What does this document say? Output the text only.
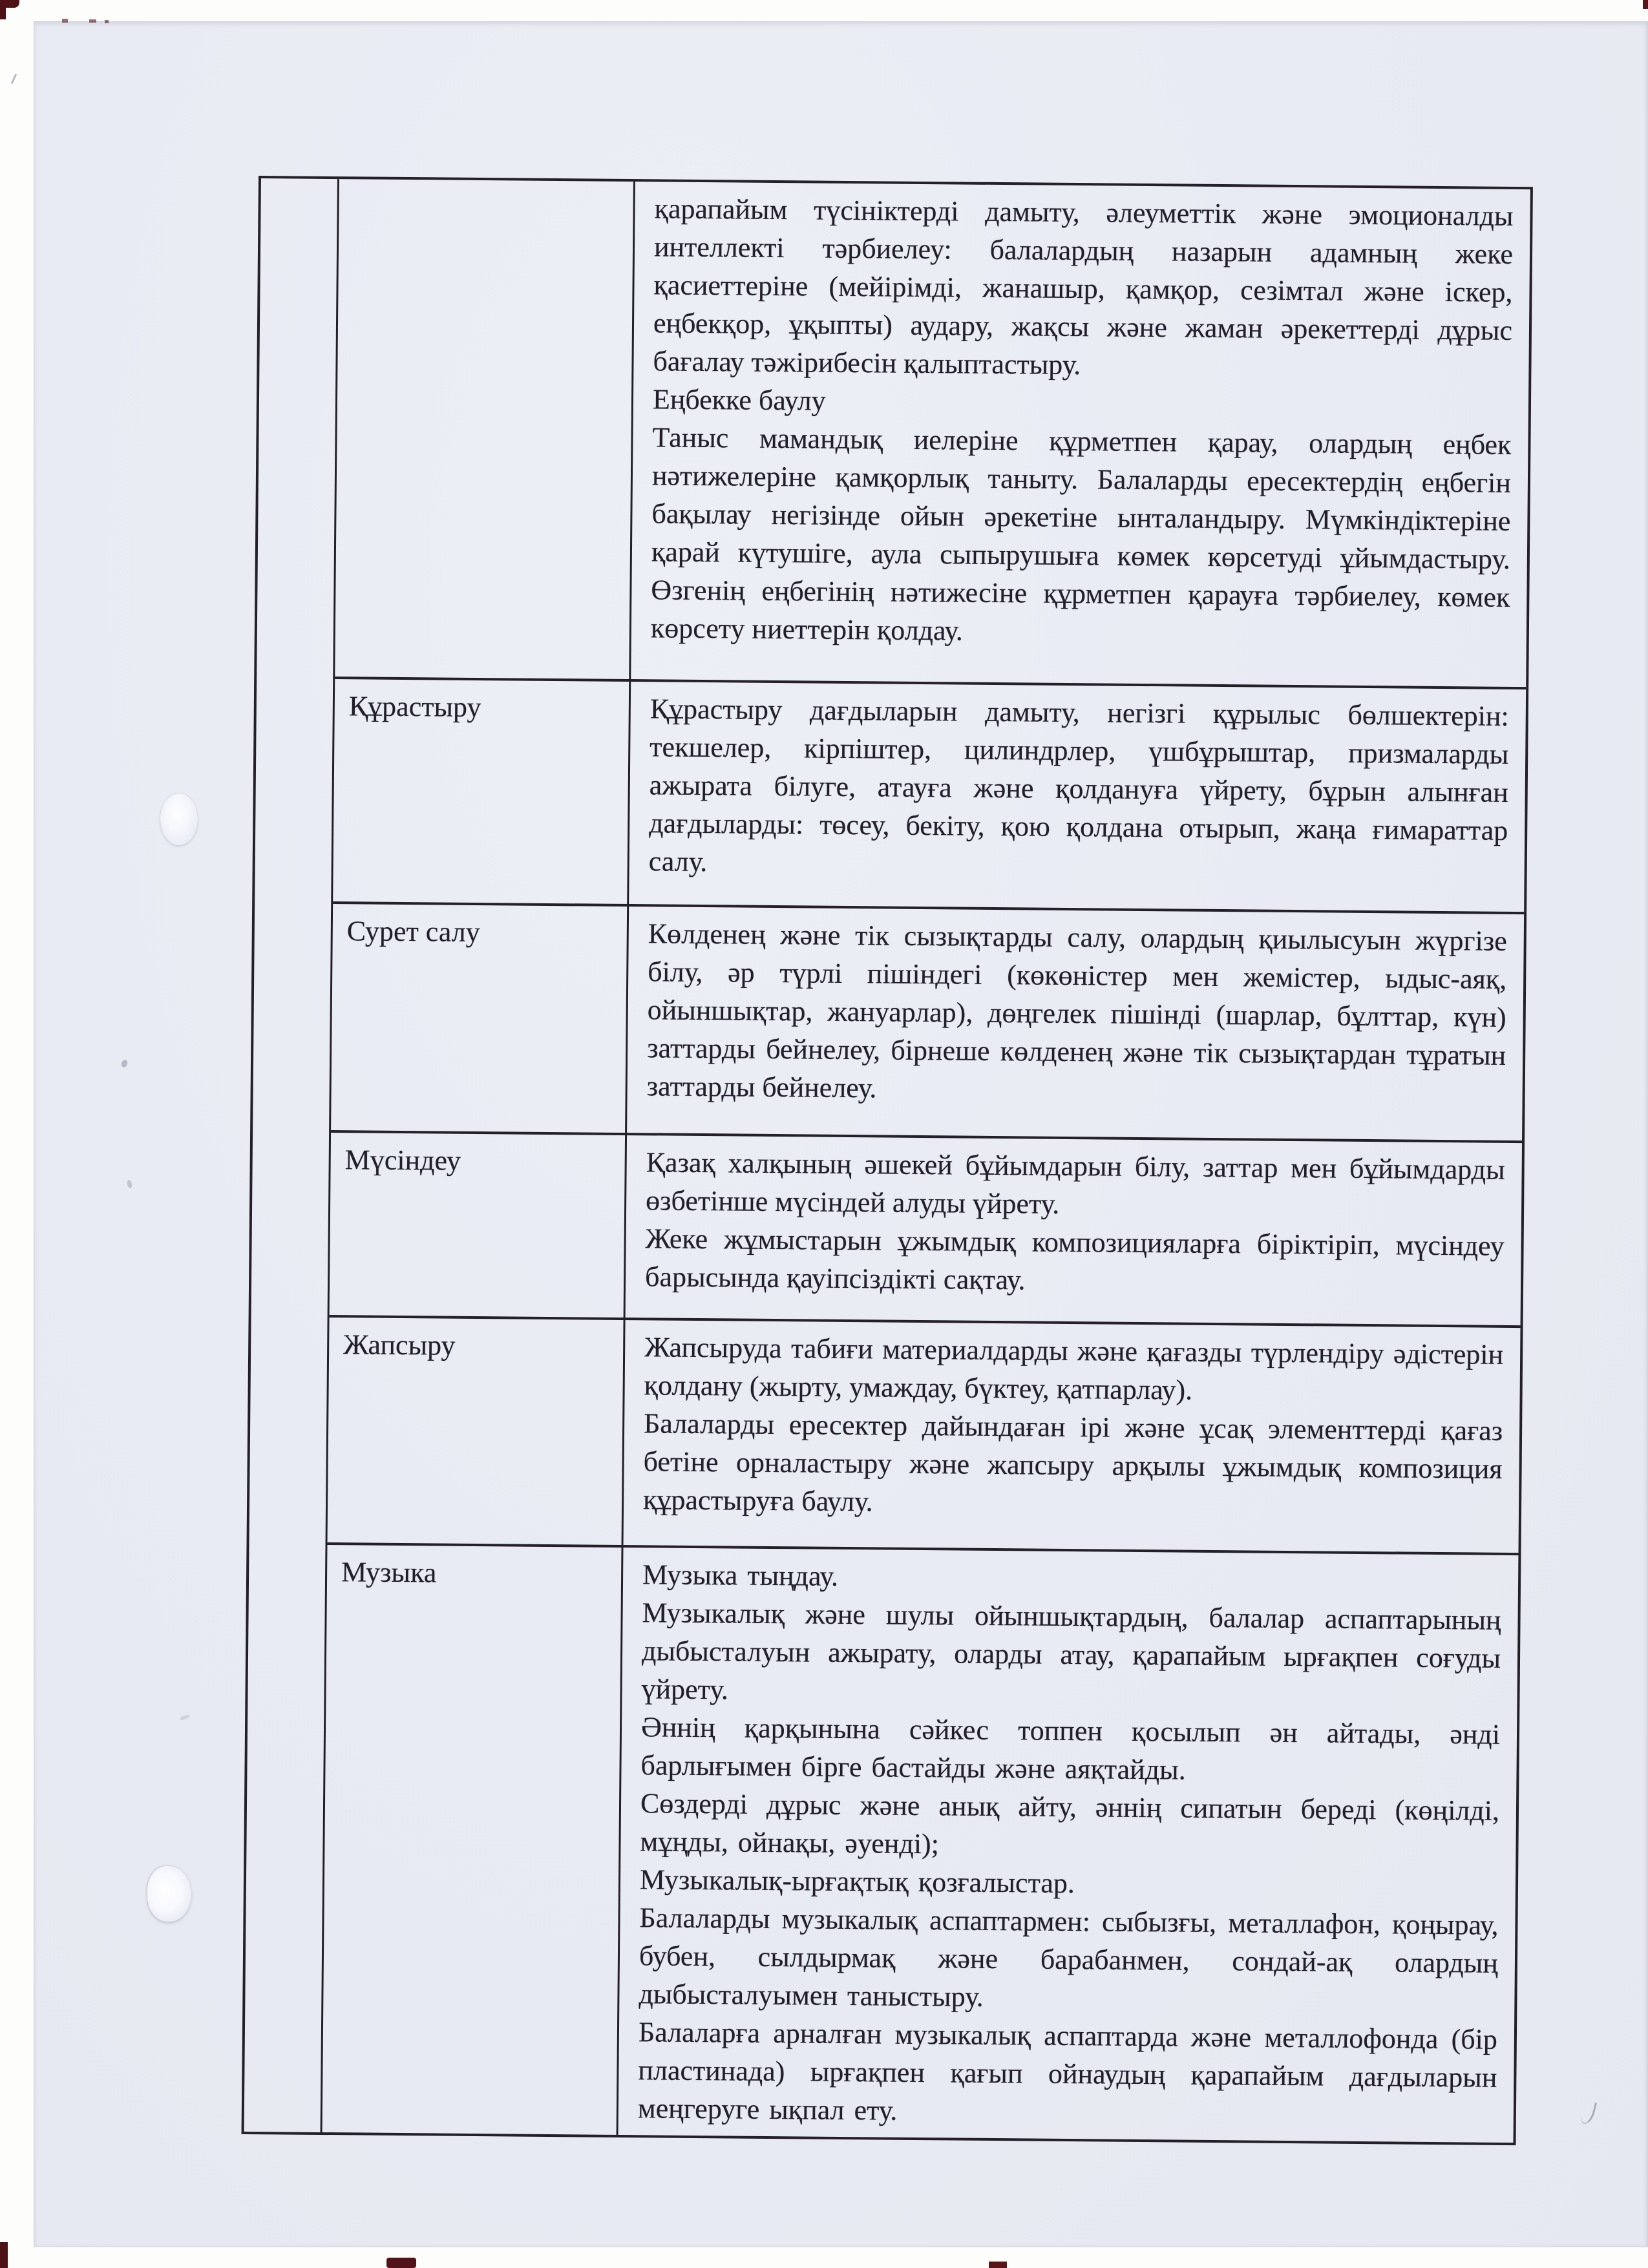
қарапайым түсініктерді дамыту, әлеуметтік және эмоционалды интеллекті тәрбиелеу: балалардың назарын адамның жеке қасиеттеріне (мейірімді, жанашыр, қамқор, сезімтал және іскер, еңбекқор, ұқыпты) аудару, жақсы және жаман әрекеттерді дұрыс бағалау тәжірибесін қалыптастыру.

Еңбекке баулу

Таныс мамандық иелеріне құрметпен қарау, олардың еңбек нәтижелеріне қамқорлық таныту. Балаларды ересектердің еңбегін бақылау негізінде ойын әрекетіне ынталандыру. Мүмкіндіктеріне қарай күтушіге, аула сыпырушыға көмек көрсетуді ұйымдастыру. Өзгенің еңбегінің нәтижесіне құрметпен қарауға тәрбиелеу, көмек көрсету ниеттерін қолдау.

Құрастыру	Құрастыру дағдыларын дамыту, негізгі құрылыс бөлшектерін: текшелер, кірпіштер, цилиндрлер, үшбұрыштар, призмаларды ажырата білуге, атауға және қолдануға үйрету, бұрын алынған дағдыларды: төсеу, бекіту, қою қолдана отырып, жаңа ғимараттар салу.

Сурет салу	Көлденең және тік сызықтарды салу, олардың қиылысуын жүргізе білу, әр түрлі пішіндегі (көкөністер мен жемістер, ыдыс-аяқ, ойыншықтар, жануарлар), дөңгелек пішінді (шарлар, бұлттар, күн) заттарды бейнелеу, бірнеше көлденең және тік сызықтардан тұратын заттарды бейнелеу.

Мүсіндеу	Қазақ халқының әшекей бұйымдарын білу, заттар мен бұйымдарды өзбетінше мүсіндей алуды үйрету.

Жеке жұмыстарын ұжымдық композицияларға біріктіріп, мүсіндеу барысында қауіпсіздікті сақтау.

Жапсыру	Жапсыруда табиғи материалдарды және қағазды түрлендіру әдістерін қолдану (жырту, умаждау, бүктеу, қатпарлау).

Балаларды ересектер дайындаған ірі және ұсақ элементтерді қағаз бетіне орналастыру және жапсыру арқылы ұжымдық композиция құрастыруға баулу.

Музыка	Музыка тыңдау.

Музыкалық және шулы ойыншықтардың, балалар аспаптарының дыбысталуын ажырату, оларды атау, қарапайым ырғақпен соғуды үйрету.

Әннің қарқынына сәйкес топпен қосылып ән айтады, әнді барлығымен бірге бастайды және аяқтайды.

Сөздерді дұрыс және анық айту, әннің сипатын береді (көңілді, мұңды, ойнақы, әуенді);

Музыкалық-ырғақтық қозғалыстар.

Балаларды музыкалық аспаптармен: сыбызғы, металлафон, қоңырау, бубен, сылдырмақ және барабанмен, сондай-ақ олардың дыбысталуымен таныстыру.

Балаларға арналған музыкалық аспаптарда және металлофонда (бір пластинада) ырғақпен қағып ойнаудың қарапайым дағдыларын меңгеруге ықпал ету.
